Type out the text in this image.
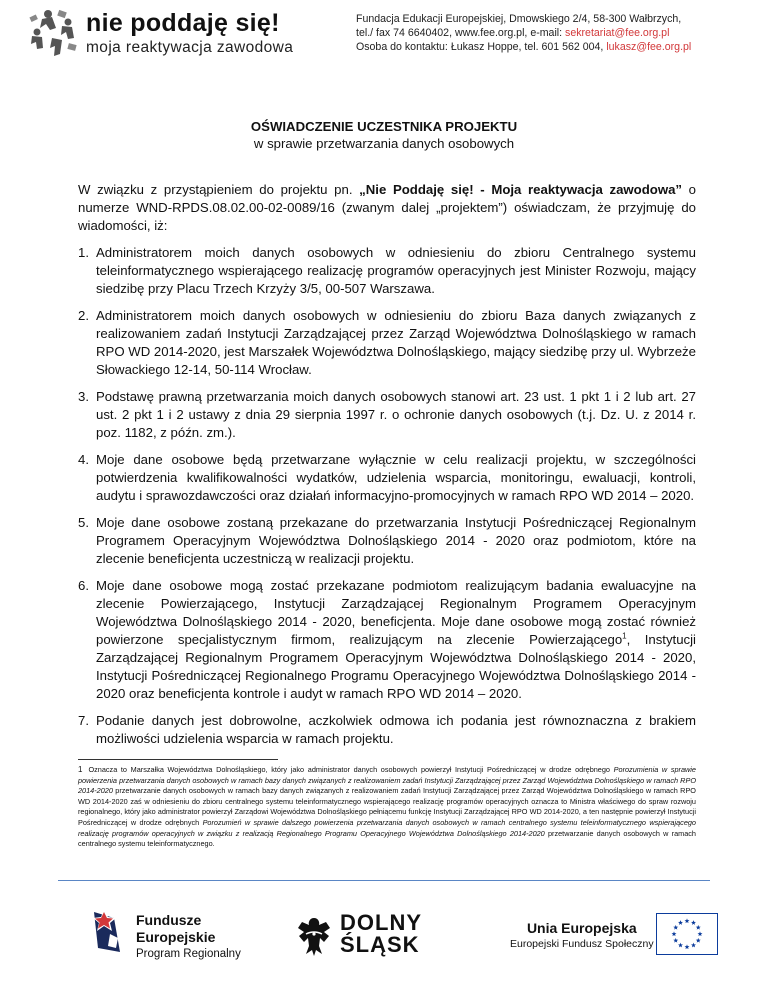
nie poddaję się!
moja reaktywacja zawodowa
Fundacja Edukacji Europejskiej, Dmowskiego 2/4, 58-300 Wałbrzych,
tel./ fax 74 6640402, www.fee.org.pl, e-mail: sekretariat@fee.org.pl
Osoba do kontaktu: Łukasz Hoppe, tel. 601 562 004, lukasz@fee.org.pl
OŚWIADCZENIE UCZESTNIKA PROJEKTU
w sprawie przetwarzania danych osobowych

W związku z przystąpieniem do projektu pn. „Nie Poddaję się! - Moja reaktywacja zawodowa” o numerze WND-RPDS.08.02.00-02-0089/16 (zwanym dalej „projektem”) oświadczam, że przyjmuję do wiadomości, iż:

1. Administratorem moich danych osobowych w odniesieniu do zbioru Centralnego systemu teleinformatycznego wspierającego realizację programów operacyjnych jest Minister Rozwoju, mający siedzibę przy Placu Trzech Krzyży 3/5, 00-507 Warszawa.
2. Administratorem moich danych osobowych w odniesieniu do zbioru Baza danych związanych z realizowaniem zadań Instytucji Zarządzającej przez Zarząd Województwa Dolnośląskiego w ramach RPO WD 2014-2020, jest Marszałek Województwa Dolnośląskiego, mający siedzibę przy ul. Wybrzeże Słowackiego 12-14, 50-114 Wrocław.
3. Podstawę prawną przetwarzania moich danych osobowych stanowi art. 23 ust. 1 pkt 1 i 2 lub art. 27 ust. 2 pkt 1 i 2 ustawy z dnia 29 sierpnia 1997 r. o ochronie danych osobowych (t.j. Dz. U. z 2014 r. poz. 1182, z późn. zm.).
4. Moje dane osobowe będą przetwarzane wyłącznie w celu realizacji projektu, w szczególności potwierdzenia kwalifikowalności wydatków, udzielenia wsparcia, monitoringu, ewaluacji, kontroli, audytu i sprawozdawczości oraz działań informacyjno-promocyjnych w ramach RPO WD 2014 – 2020.
5. Moje dane osobowe zostaną przekazane do przetwarzania Instytucji Pośredniczącej Regionalnym Programem Operacyjnym Województwa Dolnośląskiego 2014 - 2020 oraz podmiotom, które na zlecenie beneficjenta uczestniczą w realizacji projektu.
6. Moje dane osobowe mogą zostać przekazane podmiotom realizującym badania ewaluacyjne na zlecenie Powierzającego, Instytucji Zarządzającej Regionalnym Programem Operacyjnym Województwa Dolnośląskiego 2014 - 2020, beneficjenta. Moje dane osobowe mogą zostać również powierzone specjalistycznym firmom, realizującym na zlecenie Powierzającego$^1$, Instytucji Zarządzającej Regionalnym Programem Operacyjnym Województwa Dolnośląskiego 2014 - 2020, Instytucji Pośredniczącej Regionalnego Programu Operacyjnego Województwa Dolnośląskiego 2014 - 2020 oraz beneficjenta kontrole i audyt w ramach RPO WD 2014 – 2020.
7. Podanie danych jest dobrowolne, aczkolwiek odmowa ich podania jest równoznaczna z brakiem możliwości udzielenia wsparcia w ramach projektu.
1 Oznacza to Marszałka Województwa Dolnośląskiego, który jako administrator danych osobowych powierzył Instytucji Pośredniczącej w drodze odrębnego Porozumienia w sprawie powierzenia przetwarzania danych osobowych w ramach bazy danych związanych z realizowaniem zadań Instytucji Zarządzającej przez Zarząd Województwa Dolnośląskiego w ramach RPO 2014-2020 przetwarzanie danych osobowych w ramach bazy danych związanych z realizowaniem zadań Instytucji Zarządzającej przez Zarząd Województwa Dolnośląskiego w ramach RPO WD 2014-2020 zaś w odniesieniu do zbioru centralnego systemu teleinformatycznego wspierającego realizację programów operacyjnych oznacza to Ministra właściwego do spraw rozwoju regionalnego, który jako administrator powierzył Zarządowi Województwa Dolnośląskiego pełniącemu funkcję Instytucji Zarządzającej RPO WD 2014-2020, a ten następnie powierzył Instytucji Pośredniczącej w drodze odrębnych Porozumień w sprawie dalszego powierzenia przetwarzania danych osobowych w ramach centralnego systemu teleinformatycznego wspierającego realizację programów operacyjnych w związku z realizacją Regionalnego Programu Operacyjnego Województwa Dolnośląskiego 2014-2020 przetwarzanie danych osobowych w ramach centralnego systemu teleinformatycznego.
Fundusze
Europejskie
Program Regionalny
DOLNY
ŚLĄSK
Unia Europejska
Europejski Fundusz Społeczny
